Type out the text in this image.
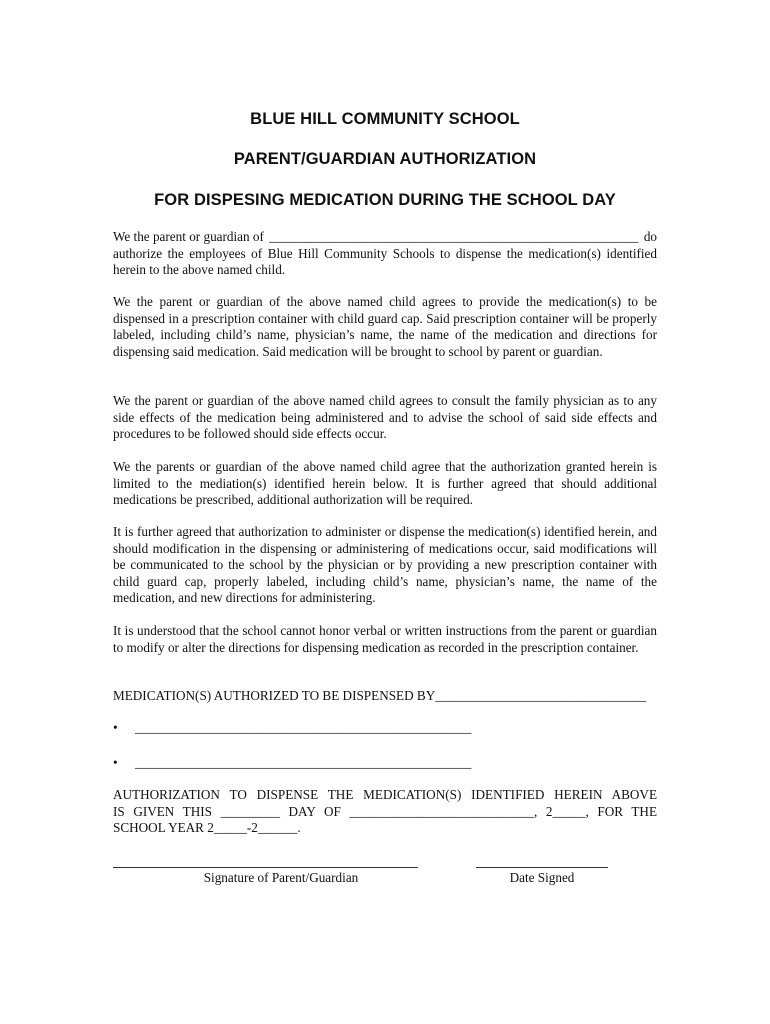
BLUE HILL COMMUNITY SCHOOL
PARENT/GUARDIAN AUTHORIZATION
FOR DISPESING MEDICATION DURING THE SCHOOL DAY
We the parent or guardian of ________________________________________________________ do
authorize the employees of Blue Hill Community Schools to dispense the medication(s) identified herein to the above named child.

We the parent or guardian of the above named child agrees to provide the medication(s) to be dispensed in a prescription container with child guard cap. Said prescription container will be properly labeled, including child’s name, physician’s name, the name of the medication and directions for dispensing said medication. Said medication will be brought to school by parent or guardian.

We the parent or guardian of the above named child agrees to consult the family physician as to any side effects of the medication being administered and to advise the school of said side effects and procedures to be followed should side effects occur.

We the parents or guardian of the above named child agree that the authorization granted herein is limited to the mediation(s) identified herein below. It is further agreed that should additional medications be prescribed, additional authorization will be required.

It is further agreed that authorization to administer or dispense the medication(s) identified herein, and should modification in the dispensing or administering of medications occur, said modifications will be communicated to the school by the physician or by providing a new prescription container with child guard cap, properly labeled, including child’s name, physician’s name, the name of the medication, and new directions for administering.

It is understood that the school cannot honor verbal or written instructions from the parent or guardian to modify or alter the directions for dispensing medication as recorded in the prescription container.

MEDICATION(S) AUTHORIZED TO BE DISPENSED BY________________________________
• ___________________________________________________
• ___________________________________________________
AUTHORIZATION TO DISPENSE THE MEDICATION(S) IDENTIFIED HEREIN ABOVE
IS GIVEN THIS _________ DAY OF ____________________________, 2_____, FOR THE
SCHOOL YEAR 2_____-2______.
Signature of Parent/Guardian	Date Signed
